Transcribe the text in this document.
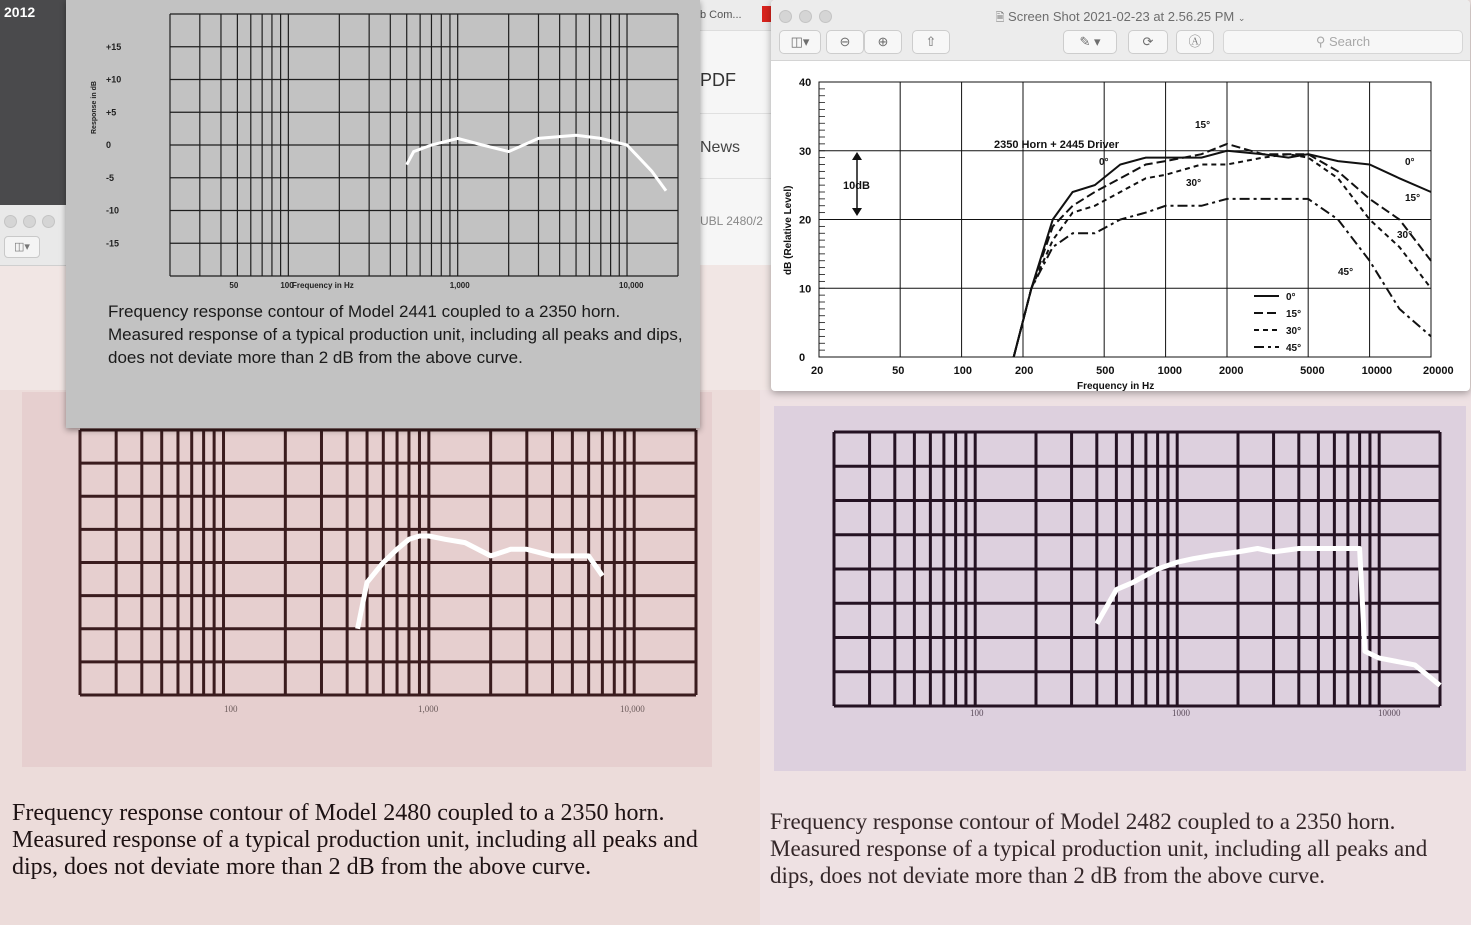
2012
◫▾
b Com...
PDF
News
UBL 2480/2
100	1,000	10,000
Frequency response contour of Model 2480 coupled to a 2350 horn. Measured response of a typical production unit, including all peaks and dips, does not deviate more than 2 dB from the above curve.
100	1000	10000
Frequency response contour of Model 2482 coupled to a 2350 horn. Measured response of a typical production unit, including all peaks and dips, does not deviate more than 2 dB from the above curve.
+15
+10
+5
0
-5
-10
-15
Response in dB
Frequency in Hz
50	100	1,000	10,000
Frequency response contour of Model 2441 coupled to a 2350 horn. Measured response of a typical production unit, including all peaks and dips, does not deviate more than 2 dB from the above curve.
🗎 Screen Shot 2021-02-23 at 2.56.25 PM ⌄
◫▾	⊖	⊕	⇧	✎ ▾	⟳	Ⓐ	⚲ Search
0
10
20
30
40
20	50	100	200	500	1000	2000	5000	10000	20000
dB (Relative Level)
Frequency in Hz
2350 Horn + 2445 Driver
10dB
15°
0°
30°
45°
0°
15°
30°
0°
15°
30°
45°
